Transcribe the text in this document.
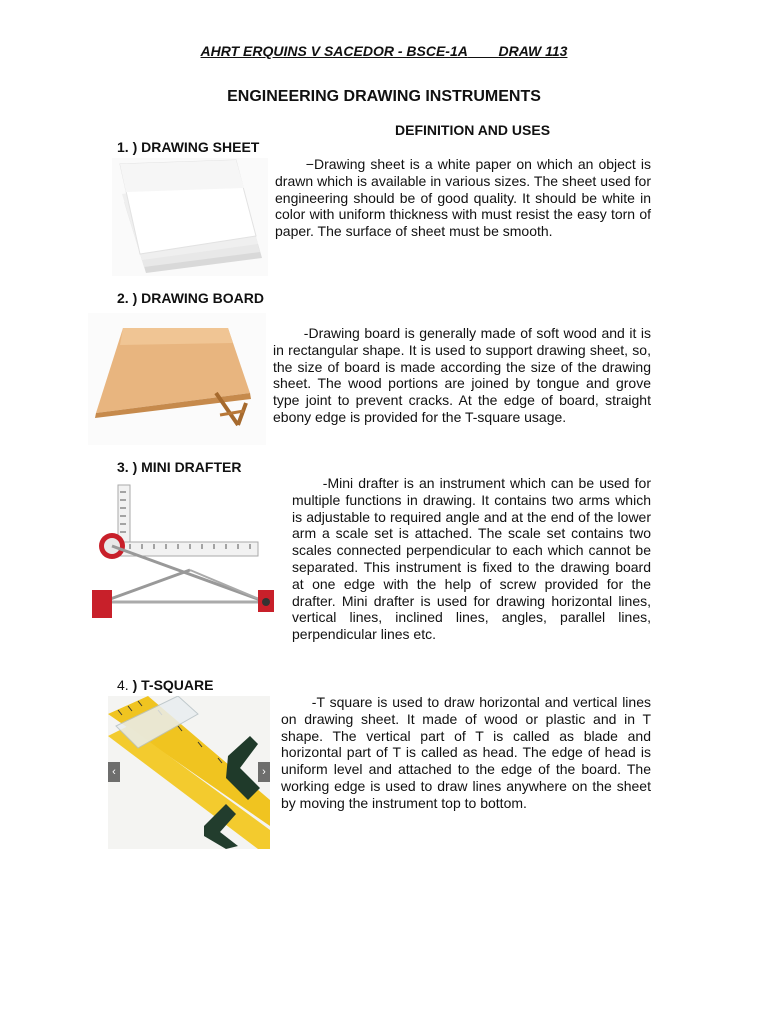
AHRT ERQUINS V SACEDOR - BSCE-1A DRAW 113
ENGINEERING DRAWING INSTRUMENTS
DEFINITION AND USES
1. ) DRAWING SHEET
−Drawing sheet is a white paper on which an object is drawn which is available in various sizes. The sheet used for engineering should be of good quality. It should be white in color with uniform thickness with must resist the easy torn of paper. The surface of sheet must be smooth.
2. ) DRAWING BOARD
-Drawing board is generally made of soft wood and it is in rectangular shape. It is used to support drawing sheet, so, the size of board is made according the size of the drawing sheet. The wood portions are joined by tongue and grove type joint to prevent cracks. At the edge of board, straight ebony edge is provided for the T-square usage.
3. ) MINI DRAFTER
-Mini drafter is an instrument which can be used for multiple functions in drawing. It contains two arms which is adjustable to required angle and at the end of the lower arm a scale set is attached. The scale set contains two scales connected perpendicular to each which cannot be separated. This instrument is fixed to the drawing board at one edge with the help of screw provided for the drafter. Mini drafter is used for drawing horizontal lines, vertical lines, inclined lines, angles, parallel lines, perpendicular lines etc.
4. ) T-SQUARE
‹	›
-T square is used to draw horizontal and vertical lines on drawing sheet. It made of wood or plastic and in T shape. The vertical part of T is called as blade and horizontal part of T is called as head. The edge of head is uniform level and attached to the edge of the board. The working edge is used to draw lines anywhere on the sheet by moving the instrument top to bottom.
